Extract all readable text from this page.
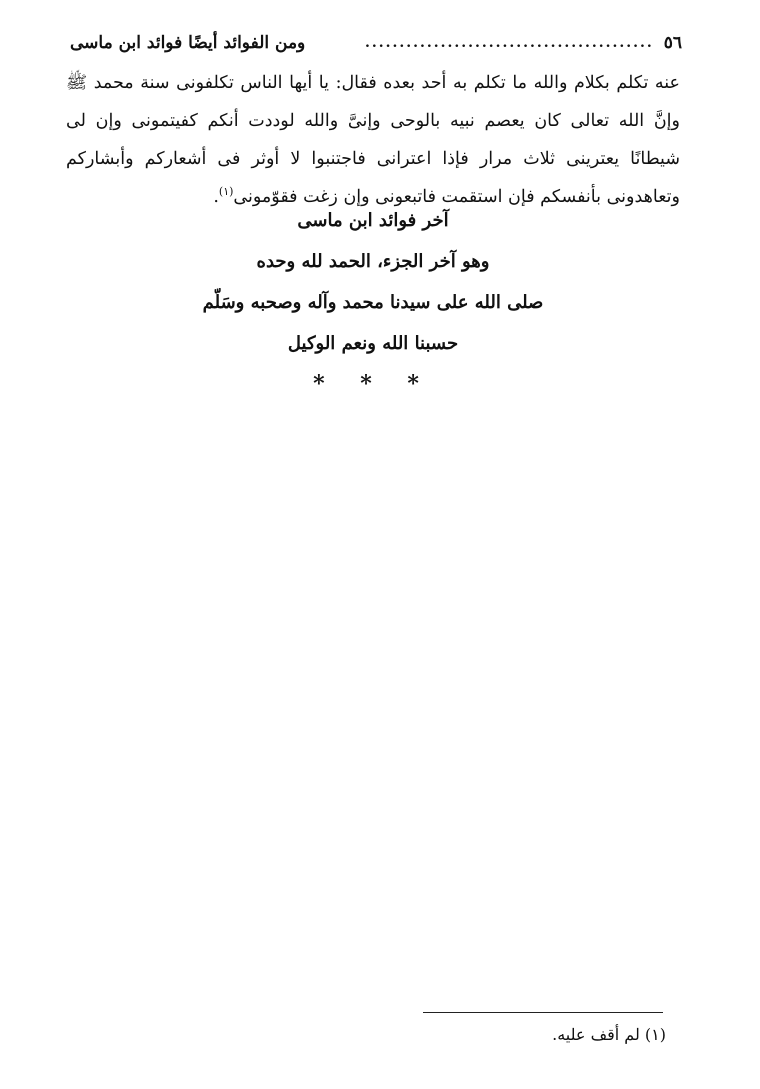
٥٦
..........................................
ومن الفوائد أيضًا فوائد ابن ماسى

عنه تكلم بكلام والله ما تكلم به أحد بعده فقال: يا أيها الناس تكلفونى سنة محمد ﷺ وإنَّ الله تعالى كان يعصم نبيه بالوحى وإنىَّ والله لوددت أنكم كفيتمونى وإن لى شيطانًا يعترينى ثلاث مرار فإذا اعترانى فاجتنبوا لا أوثر فى أشعاركم وأبشاركم وتعاهدونى بأنفسكم فإن استقمت فاتبعونى وإن زغت فقوّمونى$^{(١)}$.

آخر فوائد ابن ماسى
وهو آخر الجزء، الحمد لله وحده
صلى الله على سيدنا محمد وآله وصحبه وسَلّم
حسبنا الله ونعم الوكيل
* * *
(١) لم أقف عليه.
